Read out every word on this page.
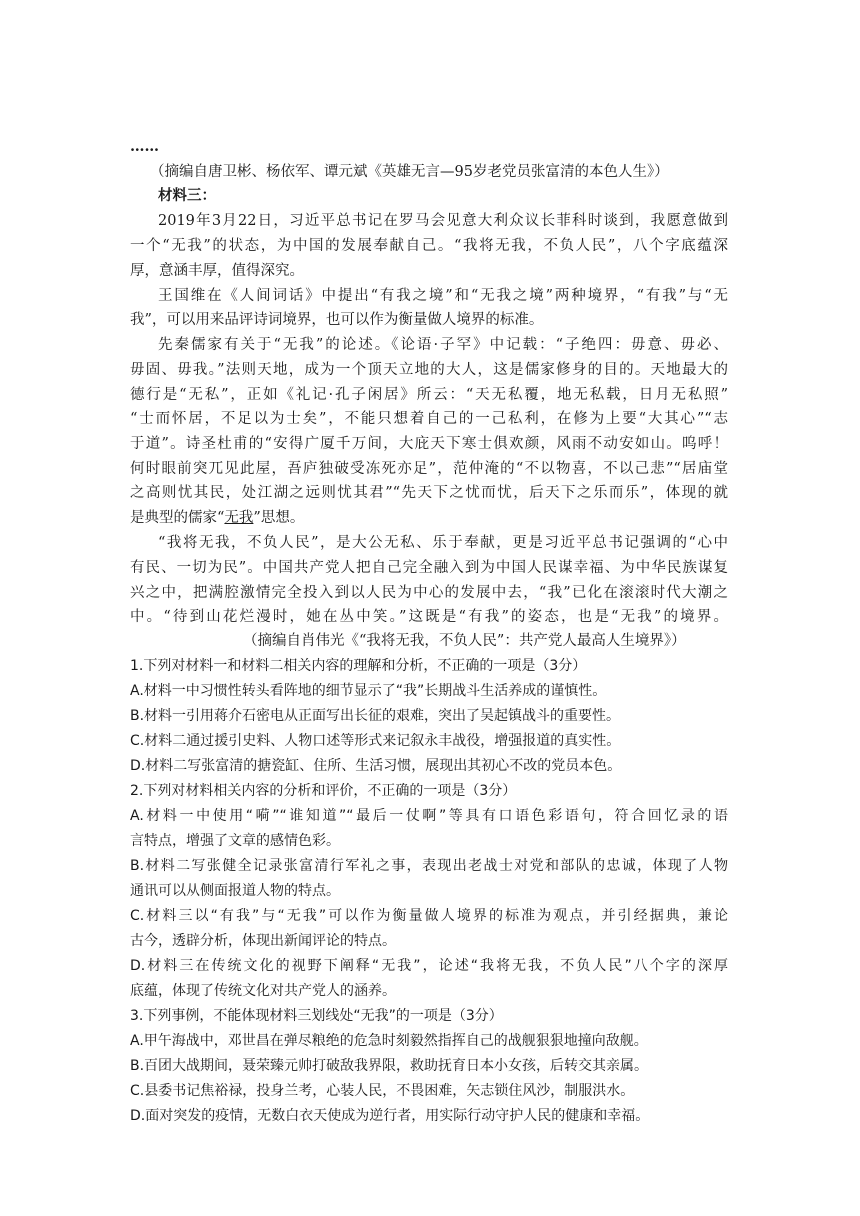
……
（摘编自唐卫彬、杨依军、谭元斌《英雄无言—95岁老党员张富清的本色人生》）
材料三：
2019年3月22日，习近平总书记在罗马会见意大利众议长菲科时谈到，我愿意做到
一个“无我”的状态，为中国的发展奉献自己。“我将无我，不负人民”，八个字底蕴深
厚，意涵丰厚，值得深究。
王国维在《人间词话》中提出“有我之境”和“无我之境”两种境界，“有我”与“无
我”，可以用来品评诗词境界，也可以作为衡量做人境界的标准。
先秦儒家有关于“无我”的论述。《论语·子罕》中记载：“子绝四：毋意、毋必、
毋固、毋我。”法则天地，成为一个顶天立地的大人，这是儒家修身的目的。天地最大的
德行是“无私”，正如《礼记·孔子闲居》所云：“天无私覆，地无私载，日月无私照”
“士而怀居，不足以为士矣”，不能只想着自己的一己私利，在修为上要“大其心”“志
于道”。诗圣杜甫的“安得广厦千万间，大庇天下寒士俱欢颜，风雨不动安如山。呜呼！
何时眼前突兀见此屋，吾庐独破受冻死亦足”，范仲淹的“不以物喜，不以己悲”“居庙堂
之高则忧其民，处江湖之远则忧其君”“先天下之忧而忧，后天下之乐而乐”，体现的就
是典型的儒家“无我”思想。
“我将无我，不负人民”，是大公无私、乐于奉献，更是习近平总书记强调的“心中
有民、一切为民”。中国共产党人把自己完全融入到为中国人民谋幸福、为中华民族谋复
兴之中，把满腔激情完全投入到以人民为中心的发展中去，“我”已化在滚滚时代大潮之
中。“待到山花烂漫时，她在丛中笑。”这既是“有我”的姿态，也是“无我”的境界。
（摘编自肖伟光《“我将无我，不负人民”：共产党人最高人生境界》）
1.下列对材料一和材料二相关内容的理解和分析，不正确的一项是（3分）
A.材料一中习惯性转头看阵地的细节显示了“我”长期战斗生活养成的谨慎性。
B.材料一引用蒋介石密电从正面写出长征的艰难，突出了吴起镇战斗的重要性。
C.材料二通过援引史料、人物口述等形式来记叙永丰战役，增强报道的真实性。
D.材料二写张富清的搪瓷缸、住所、生活习惯，展现出其初心不改的党员本色。
2.下列对材料相关内容的分析和评价，不正确的一项是（3分）
A.材料一中使用“嗬”“谁知道”“最后一仗啊”等具有口语色彩语句，符合回忆录的语
言特点，增强了文章的感情色彩。
B.材料二写张健全记录张富清行军礼之事，表现出老战士对党和部队的忠诚，体现了人物
通讯可以从侧面报道人物的特点。
C.材料三以“有我”与“无我”可以作为衡量做人境界的标准为观点，并引经据典，兼论
古今，透辟分析，体现出新闻评论的特点。
D.材料三在传统文化的视野下阐释“无我”，论述“我将无我，不负人民”八个字的深厚
底蕴，体现了传统文化对共产党人的涵养。
3.下列事例，不能体现材料三划线处“无我”的一项是（3分）
A.甲午海战中，邓世昌在弹尽粮绝的危急时刻毅然指挥自己的战舰狠狠地撞向敌舰。
B.百团大战期间，聂荣臻元帅打破敌我界限，救助抚育日本小女孩，后转交其亲属。
C.县委书记焦裕禄，投身兰考，心装人民，不畏困难，矢志锁住风沙，制服洪水。
D.面对突发的疫情，无数白衣天使成为逆行者，用实际行动守护人民的健康和幸福。
